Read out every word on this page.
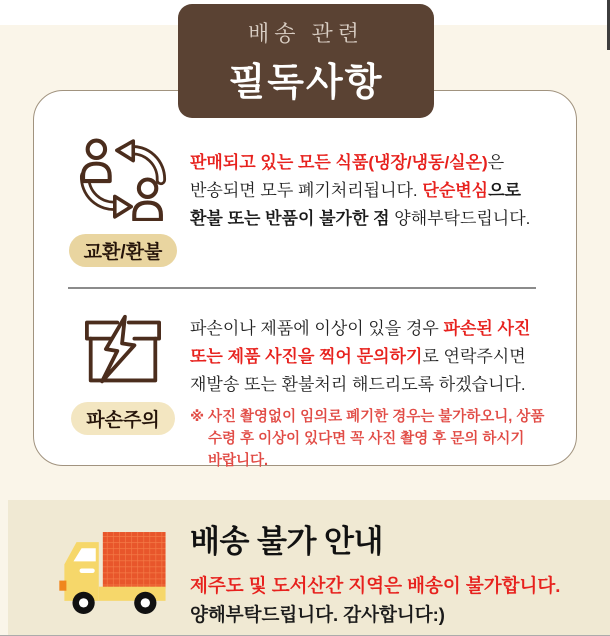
교환/환불
판매되고 있는 모든 식품(냉장/냉동/실온)은 반송되면 모두 폐기처리됩니다. 단순변심으로 환불 또는 반품이 불가한 점 양해부탁드립니다.
파손주의
파손이나 제품에 이상이 있을 경우 파손된 사진 또는 제품 사진을 찍어 문의하기로 연락주시면 재발송 또는 환불처리 해드리도록 하겠습니다.
※ 사진 촬영없이 임의로 폐기한 경우는 불가하오니, 상품 수령 후 이상이 있다면 꼭 사진 촬영 후 문의 하시기 바랍니다.
배송 관련
필독사항
배송 불가 안내
제주도 및 도서산간 지역은 배송이 불가합니다.
양해부탁드립니다. 감사합니다:)
